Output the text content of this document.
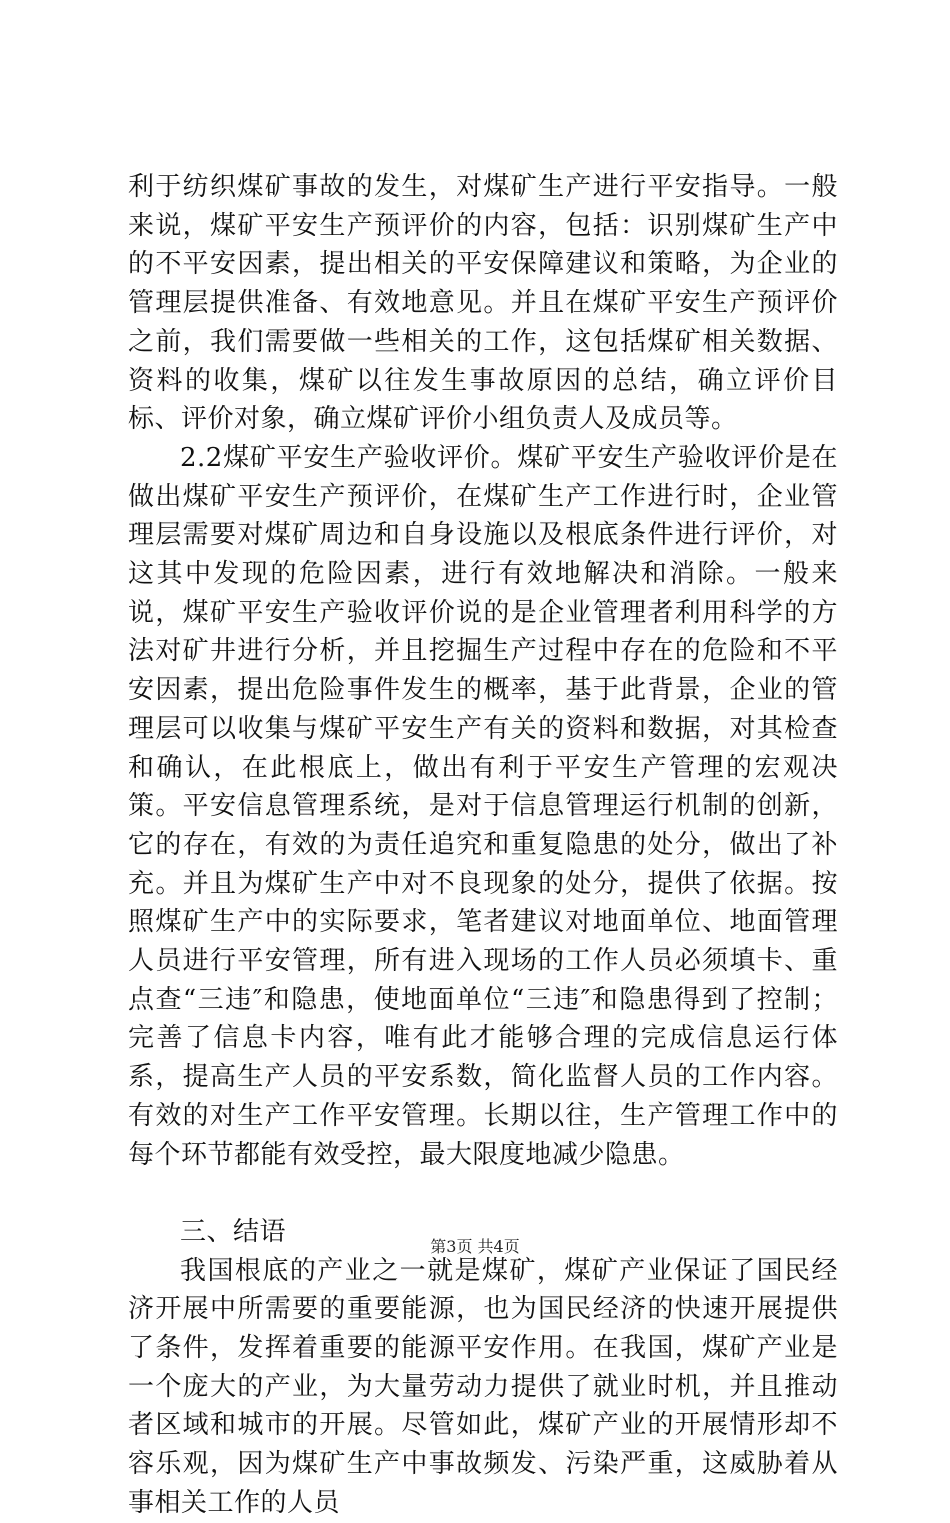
利于纺织煤矿事故的发生，对煤矿生产进行平安指导。一般来说，煤矿平安生产预评价的内容，包括：识别煤矿生产中的不平安因素，提出相关的平安保障建议和策略，为企业的管理层提供准备、有效地意见。并且在煤矿平安生产预评价之前，我们需要做一些相关的工作，这包括煤矿相关数据、资料的收集，煤矿以往发生事故原因的总结，确立评价目标、评价对象，确立煤矿评价小组负责人及成员等。

2.2煤矿平安生产验收评价。煤矿平安生产验收评价是在做出煤矿平安生产预评价，在煤矿生产工作进行时，企业管理层需要对煤矿周边和自身设施以及根底条件进行评价，对这其中发现的危险因素，进行有效地解决和消除。一般来说，煤矿平安生产验收评价说的是企业管理者利用科学的方法对矿井进行分析，并且挖掘生产过程中存在的危险和不平安因素，提出危险事件发生的概率，基于此背景，企业的管理层可以收集与煤矿平安生产有关的资料和数据，对其检查和确认，在此根底上，做出有利于平安生产管理的宏观决策。平安信息管理系统，是对于信息管理运行机制的创新，它的存在，有效的为责任追究和重复隐患的处分，做出了补充。并且为煤矿生产中对不良现象的处分，提供了依据。按照煤矿生产中的实际要求，笔者建议对地面单位、地面管理人员进行平安管理，所有进入现场的工作人员必须填卡、重点查“三违″和隐患，使地面单位“三违″和隐患得到了控制；完善了信息卡内容，唯有此才能够合理的完成信息运行体系，提高生产人员的平安系数，简化监督人员的工作内容。有效的对生产工作平安管理。长期以往，生产管理工作中的每个环节都能有效受控，最大限度地减少隐患。

三、结语

我国根底的产业之一就是煤矿，煤矿产业保证了国民经济开展中所需要的重要能源，也为国民经济的快速开展提供了条件，发挥着重要的能源平安作用。在我国，煤矿产业是一个庞大的产业，为大量劳动力提供了就业时机，并且推动者区域和城市的开展。尽管如此，煤矿产业的开展情形却不容乐观，因为煤矿生产中事故频发、污染严重，这威胁着从事相关工作的人员

第3页 共4页
